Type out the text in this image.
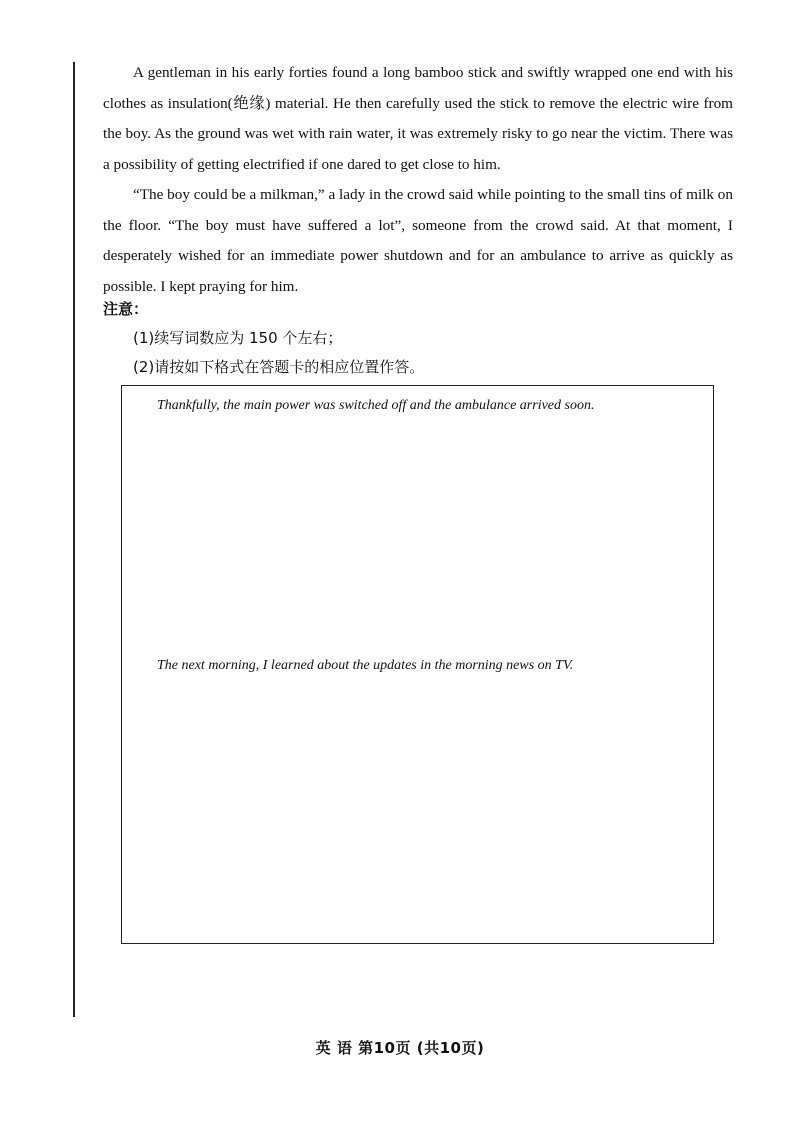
A gentleman in his early forties found a long bamboo stick and swiftly wrapped one end with his clothes as insulation(绝缘) material. He then carefully used the stick to remove the electric wire from the boy. As the ground was wet with rain water, it was extremely risky to go near the victim. There was a possibility of getting electrified if one dared to get close to him.

“The boy could be a milkman,” a lady in the crowd said while pointing to the small tins of milk on the floor. “The boy must have suffered a lot”, someone from the crowd said. At that moment, I desperately wished for an immediate power shutdown and for an ambulance to arrive as quickly as possible. I kept praying for him.

注意：
(1)续写词数应为 150 个左右；
(2)请按如下格式在答题卡的相应位置作答。
Thankfully, the main power was switched off and the ambulance arrived soon.
The next morning, I learned about the updates in the morning news on TV.
英 语 第10页 (共10页)
